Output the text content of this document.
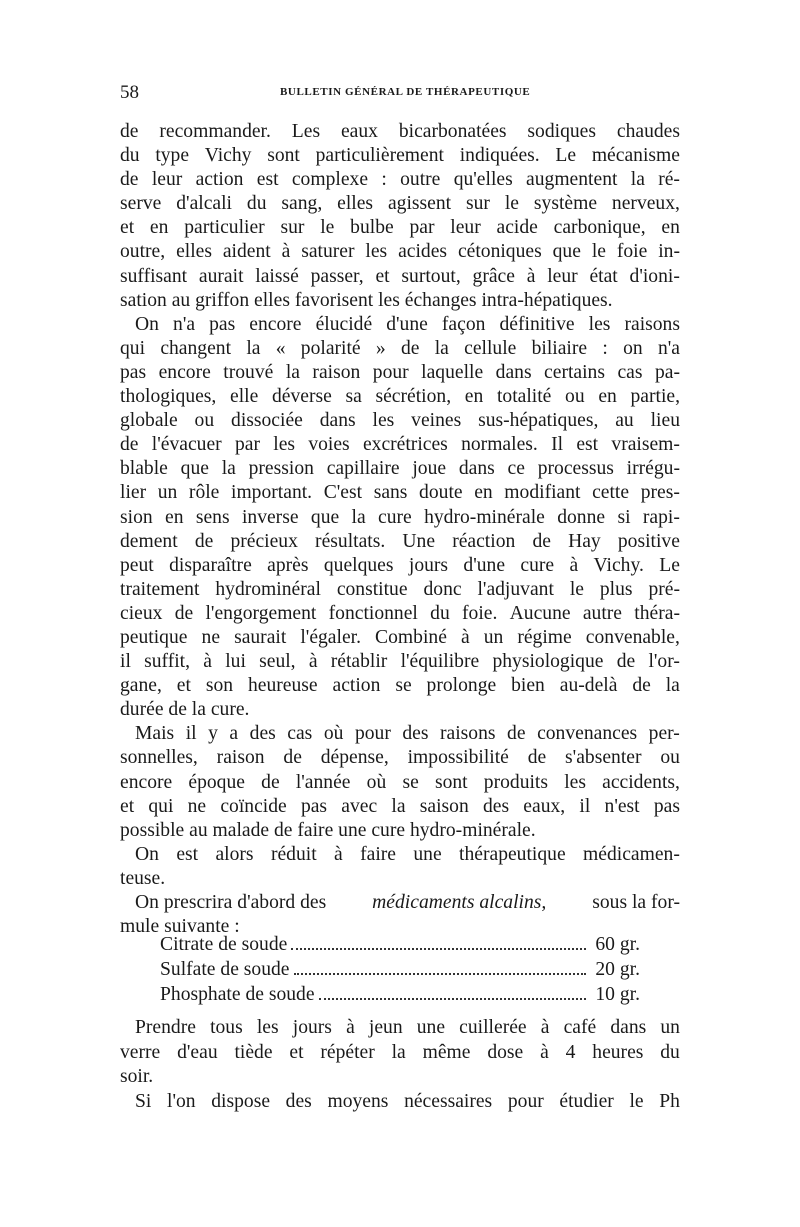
58	BULLETIN GÉNÉRAL DE THÉRAPEUTIQUE
de recommander. Les eaux bicarbonatées sodiques chaudes
du type Vichy sont particulièrement indiquées. Le mécanisme
de leur action est complexe : outre qu'elles augmentent la ré-
serve d'alcali du sang, elles agissent sur le système nerveux,
et en particulier sur le bulbe par leur acide carbonique, en
outre, elles aident à saturer les acides cétoniques que le foie in-
suffisant aurait laissé passer, et surtout, grâce à leur état d'ioni-
sation au griffon elles favorisent les échanges intra-hépatiques.
On n'a pas encore élucidé d'une façon définitive les raisons
qui changent la « polarité » de la cellule biliaire : on n'a
pas encore trouvé la raison pour laquelle dans certains cas pa-
thologiques, elle déverse sa sécrétion, en totalité ou en partie,
globale ou dissociée dans les veines sus-hépatiques, au lieu
de l'évacuer par les voies excrétrices normales. Il est vraisem-
blable que la pression capillaire joue dans ce processus irrégu-
lier un rôle important. C'est sans doute en modifiant cette pres-
sion en sens inverse que la cure hydro-minérale donne si rapi-
dement de précieux résultats. Une réaction de Hay positive
peut disparaître après quelques jours d'une cure à Vichy. Le
traitement hydrominéral constitue donc l'adjuvant le plus pré-
cieux de l'engorgement fonctionnel du foie. Aucune autre théra-
peutique ne saurait l'égaler. Combiné à un régime convenable,
il suffit, à lui seul, à rétablir l'équilibre physiologique de l'or-
gane, et son heureuse action se prolonge bien au-delà de la
durée de la cure.
Mais il y a des cas où pour des raisons de convenances per-
sonnelles, raison de dépense, impossibilité de s'absenter ou
encore époque de l'année où se sont produits les accidents,
et qui ne coïncide pas avec la saison des eaux, il n'est pas
possible au malade de faire une cure hydro-minérale.
On est alors réduit à faire une thérapeutique médicamen-
teuse.
On prescrira d'abord des médicaments alcalins, sous la for-
mule suivante :
Citrate de soude	60 gr.
Sulfate de soude	20 gr.
Phosphate de soude	10 gr.
Prendre tous les jours à jeun une cuillerée à café dans un
verre d'eau tiède et répéter la même dose à 4 heures du
soir.
Si l'on dispose des moyens nécessaires pour étudier le Ph
